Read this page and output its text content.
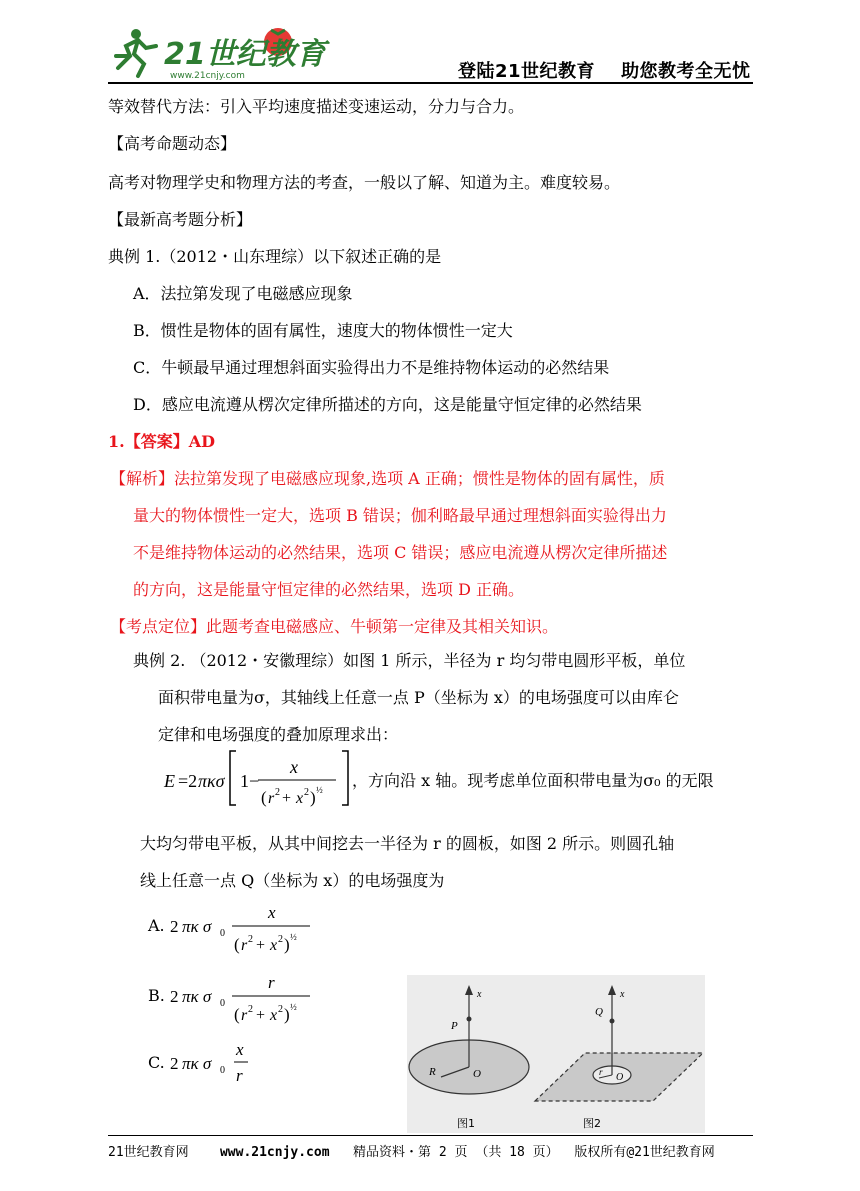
21世纪教育
www.21cnjy.com	登陆21世纪教育 助您教考全无忧
等效替代方法：引入平均速度描述变速运动，分力与合力。
【高考命题动态】
高考对物理学史和物理方法的考查，一般以了解、知道为主。难度较易。
【最新高考题分析】
典例 1.（2012・山东理综）以下叙述正确的是
A．法拉第发现了电磁感应现象
B．惯性是物体的固有属性，速度大的物体惯性一定大
C．牛顿最早通过理想斜面实验得出力不是维持物体运动的必然结果
D．感应电流遵从楞次定律所描述的方向，这是能量守恒定律的必然结果
1.【答案】AD
【解析】法拉第发现了电磁感应现象,选项 A 正确；惯性是物体的固有属性，质
量大的物体惯性一定大，选项 B 错误；伽利略最早通过理想斜面实验得出力
不是维持物体运动的必然结果，选项 C 错误；感应电流遵从楞次定律所描述
的方向，这是能量守恒定律的必然结果，选项 D 正确。
【考点定位】此题考查电磁感应、牛顿第一定律及其相关知识。
典例 2. （2012・安徽理综）如图 1 所示，半径为 r 均匀带电圆形平板，单位
面积带电量为σ，其轴线上任意一点 P（坐标为 x）的电场强度可以由库仑
定律和电场强度的叠加原理求出：
E =2 πκσ 1−
x
( r 2 + x 2 ) ½ ，方向沿 x 轴。现考虑单位面积带电量为σ₀ 的无限
大均匀带电平板，从其中间挖去一半径为 r 的圆板，如图 2 所示。则圆孔轴
线上任意一点 Q（坐标为 x）的电场强度为
A. 2 πκ σ 0
x
( r 2 + x 2 ) ½
B. 2 πκ σ 0
r
( r 2 + x 2 ) ½
C. 2 πκ σ 0
x
r
x
P
R	O
图1
x
Q
r O
图2
21世纪教育网 www.21cnjy.com 精品资料・第 2 页 （共 18 页） 版权所有@21世纪教育网
